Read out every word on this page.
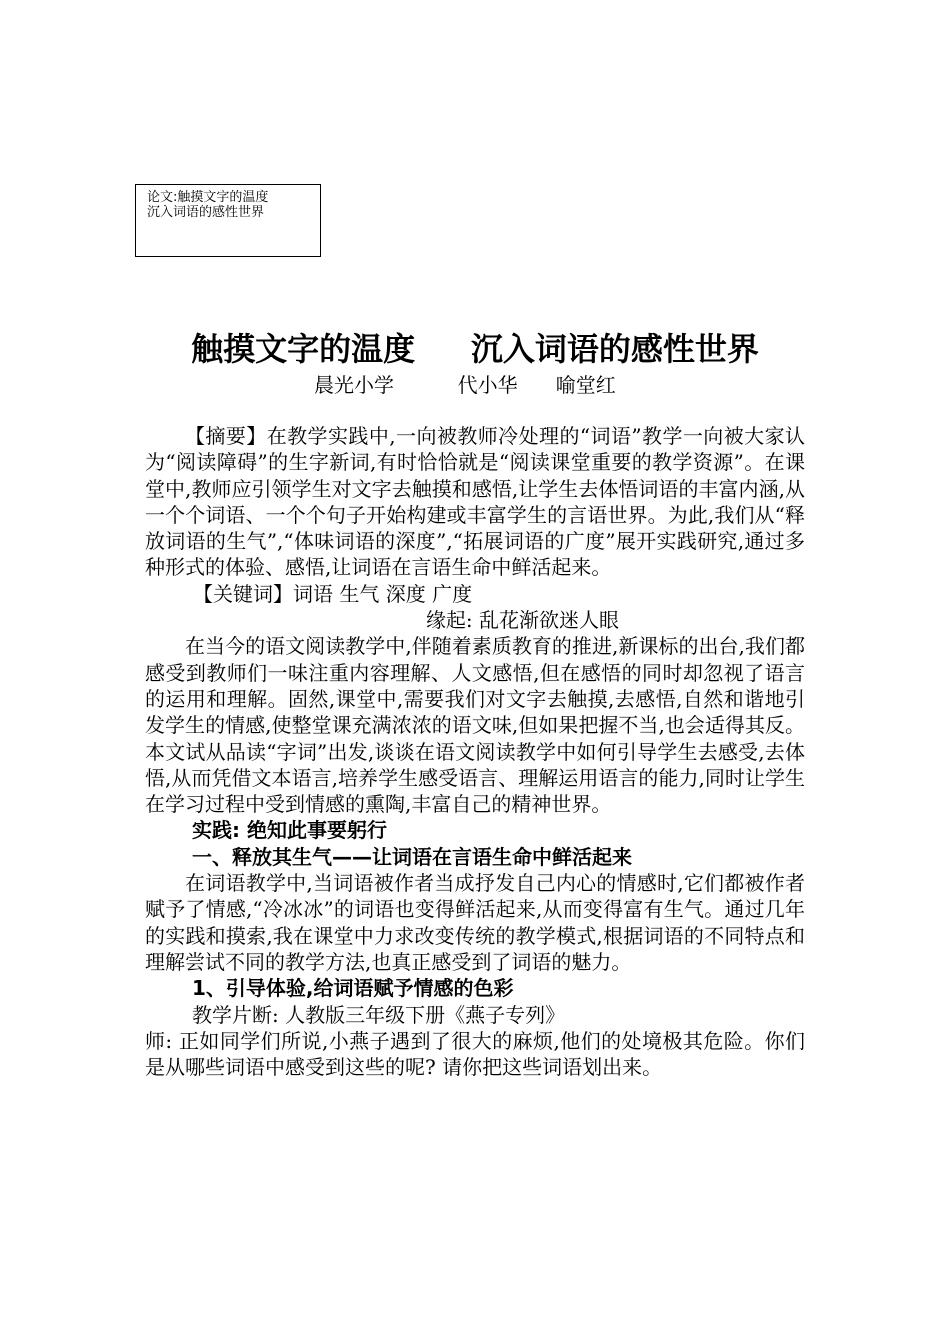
论文:触摸文字的温度
沉入词语的感性世界
触摸文字的温度     沉入词语的感性世界
晨光小学          代小华      喻堂红

【摘要】在教学实践中,一向被教师冷处理的“词语”教学一向被大家认为“阅读障碍”的生字新词,有时恰恰就是“阅读课堂重要的教学资源”。在课堂中,教师应引领学生对文字去触摸和感悟,让学生去体悟词语的丰富内涵,从一个个词语、一个个句子开始构建或丰富学生的言语世界。为此,我们从“释放词语的生气”,“体味词语的深度”,“拓展词语的广度”展开实践研究,通过多种形式的体验、感悟,让词语在言语生命中鲜活起来。

【关键词】词语 生气 深度 广度

缘起: 乱花渐欲迷人眼

在当今的语文阅读教学中,伴随着素质教育的推进,新课标的出台,我们都感受到教师们一味注重内容理解、人文感悟,但在感悟的同时却忽视了语言的运用和理解。固然,课堂中,需要我们对文字去触摸,去感悟,自然和谐地引发学生的情感,使整堂课充满浓浓的语文味,但如果把握不当,也会适得其反。本文试从品读“字词”出发,谈谈在语文阅读教学中如何引导学生去感受,去体悟,从而凭借文本语言,培养学生感受语言、理解运用语言的能力,同时让学生在学习过程中受到情感的熏陶,丰富自己的精神世界。

实践: 绝知此事要躬行

一、释放其生气——让词语在言语生命中鲜活起来

在词语教学中,当词语被作者当成抒发自己内心的情感时,它们都被作者赋予了情感,“冷冰冰”的词语也变得鲜活起来,从而变得富有生气。通过几年的实践和摸索,我在课堂中力求改变传统的教学模式,根据词语的不同特点和理解尝试不同的教学方法,也真正感受到了词语的魅力。

1、引导体验,给词语赋予情感的色彩

教学片断: 人教版三年级下册《燕子专列》

师: 正如同学们所说,小燕子遇到了很大的麻烦,他们的处境极其危险。你们是从哪些词语中感受到这些的呢? 请你把这些词语划出来。
